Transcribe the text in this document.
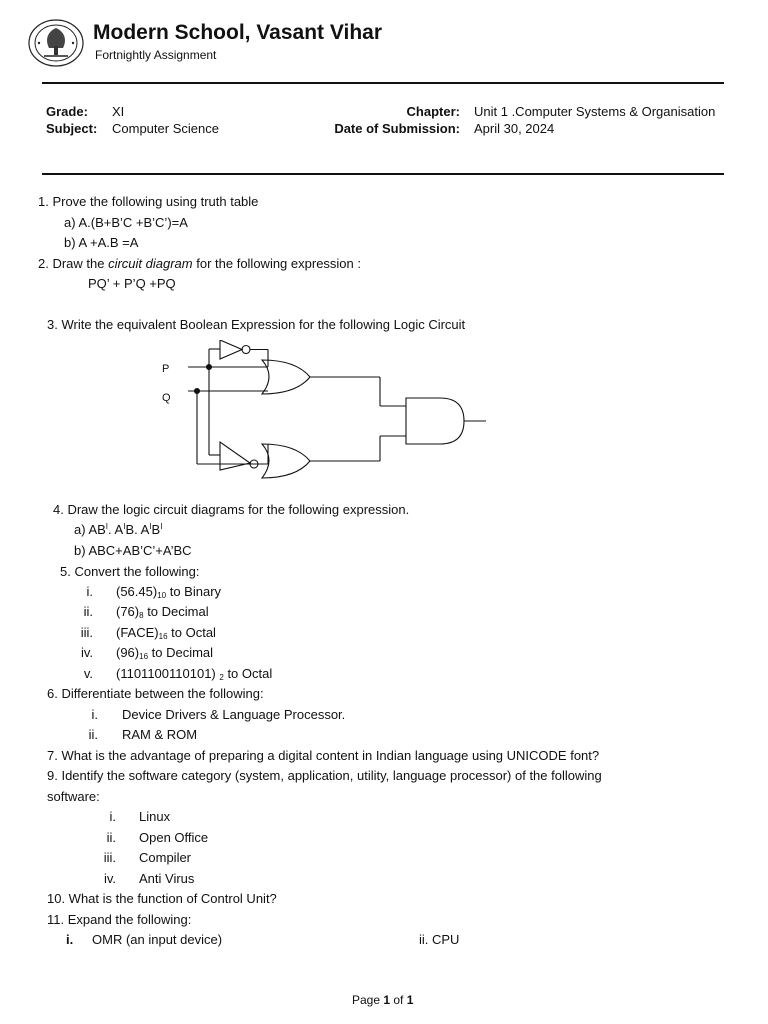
Modern School, Vasant Vihar
Fortnightly Assignment
Grade: XI
Subject: Computer Science
Chapter: Unit 1 .Computer Systems & Organisation
Date of Submission: April 30, 2024
1. Prove the following using truth table
a) A.(B+B’C +B’C’)=A
b) A +A.B =A
2. Draw the circuit diagram for the following expression :
PQ’ + P’Q +PQ
3. Write the equivalent Boolean Expression for the following Logic Circuit
P
Q
4. Draw the logic circuit diagrams for the following expression.
a) $AB^I$. $A^IB$. $A^IB^I$
b) ABC+AB’C’+A’BC
5. Convert the following:
i. $(56.45)_{10}$ to Binary
ii. $(76)_8$ to Decimal
iii. $(FACE)_{16}$ to Octal
iv. $(96)_{16}$ to Decimal
v. (1101100110101) $_2$ to Octal
6. Differentiate between the following:
i. Device Drivers & Language Processor.
ii. RAM & ROM
7. What is the advantage of preparing a digital content in Indian language using UNICODE font?
9. Identify the software category (system, application, utility, language processor) of the following
software:
i. Linux
ii. Open Office
iii. Compiler
iv. Anti Virus
10. What is the function of Control Unit?
11. Expand the following:
i. OMR (an input device)	ii. CPU
Page 1 of 1
